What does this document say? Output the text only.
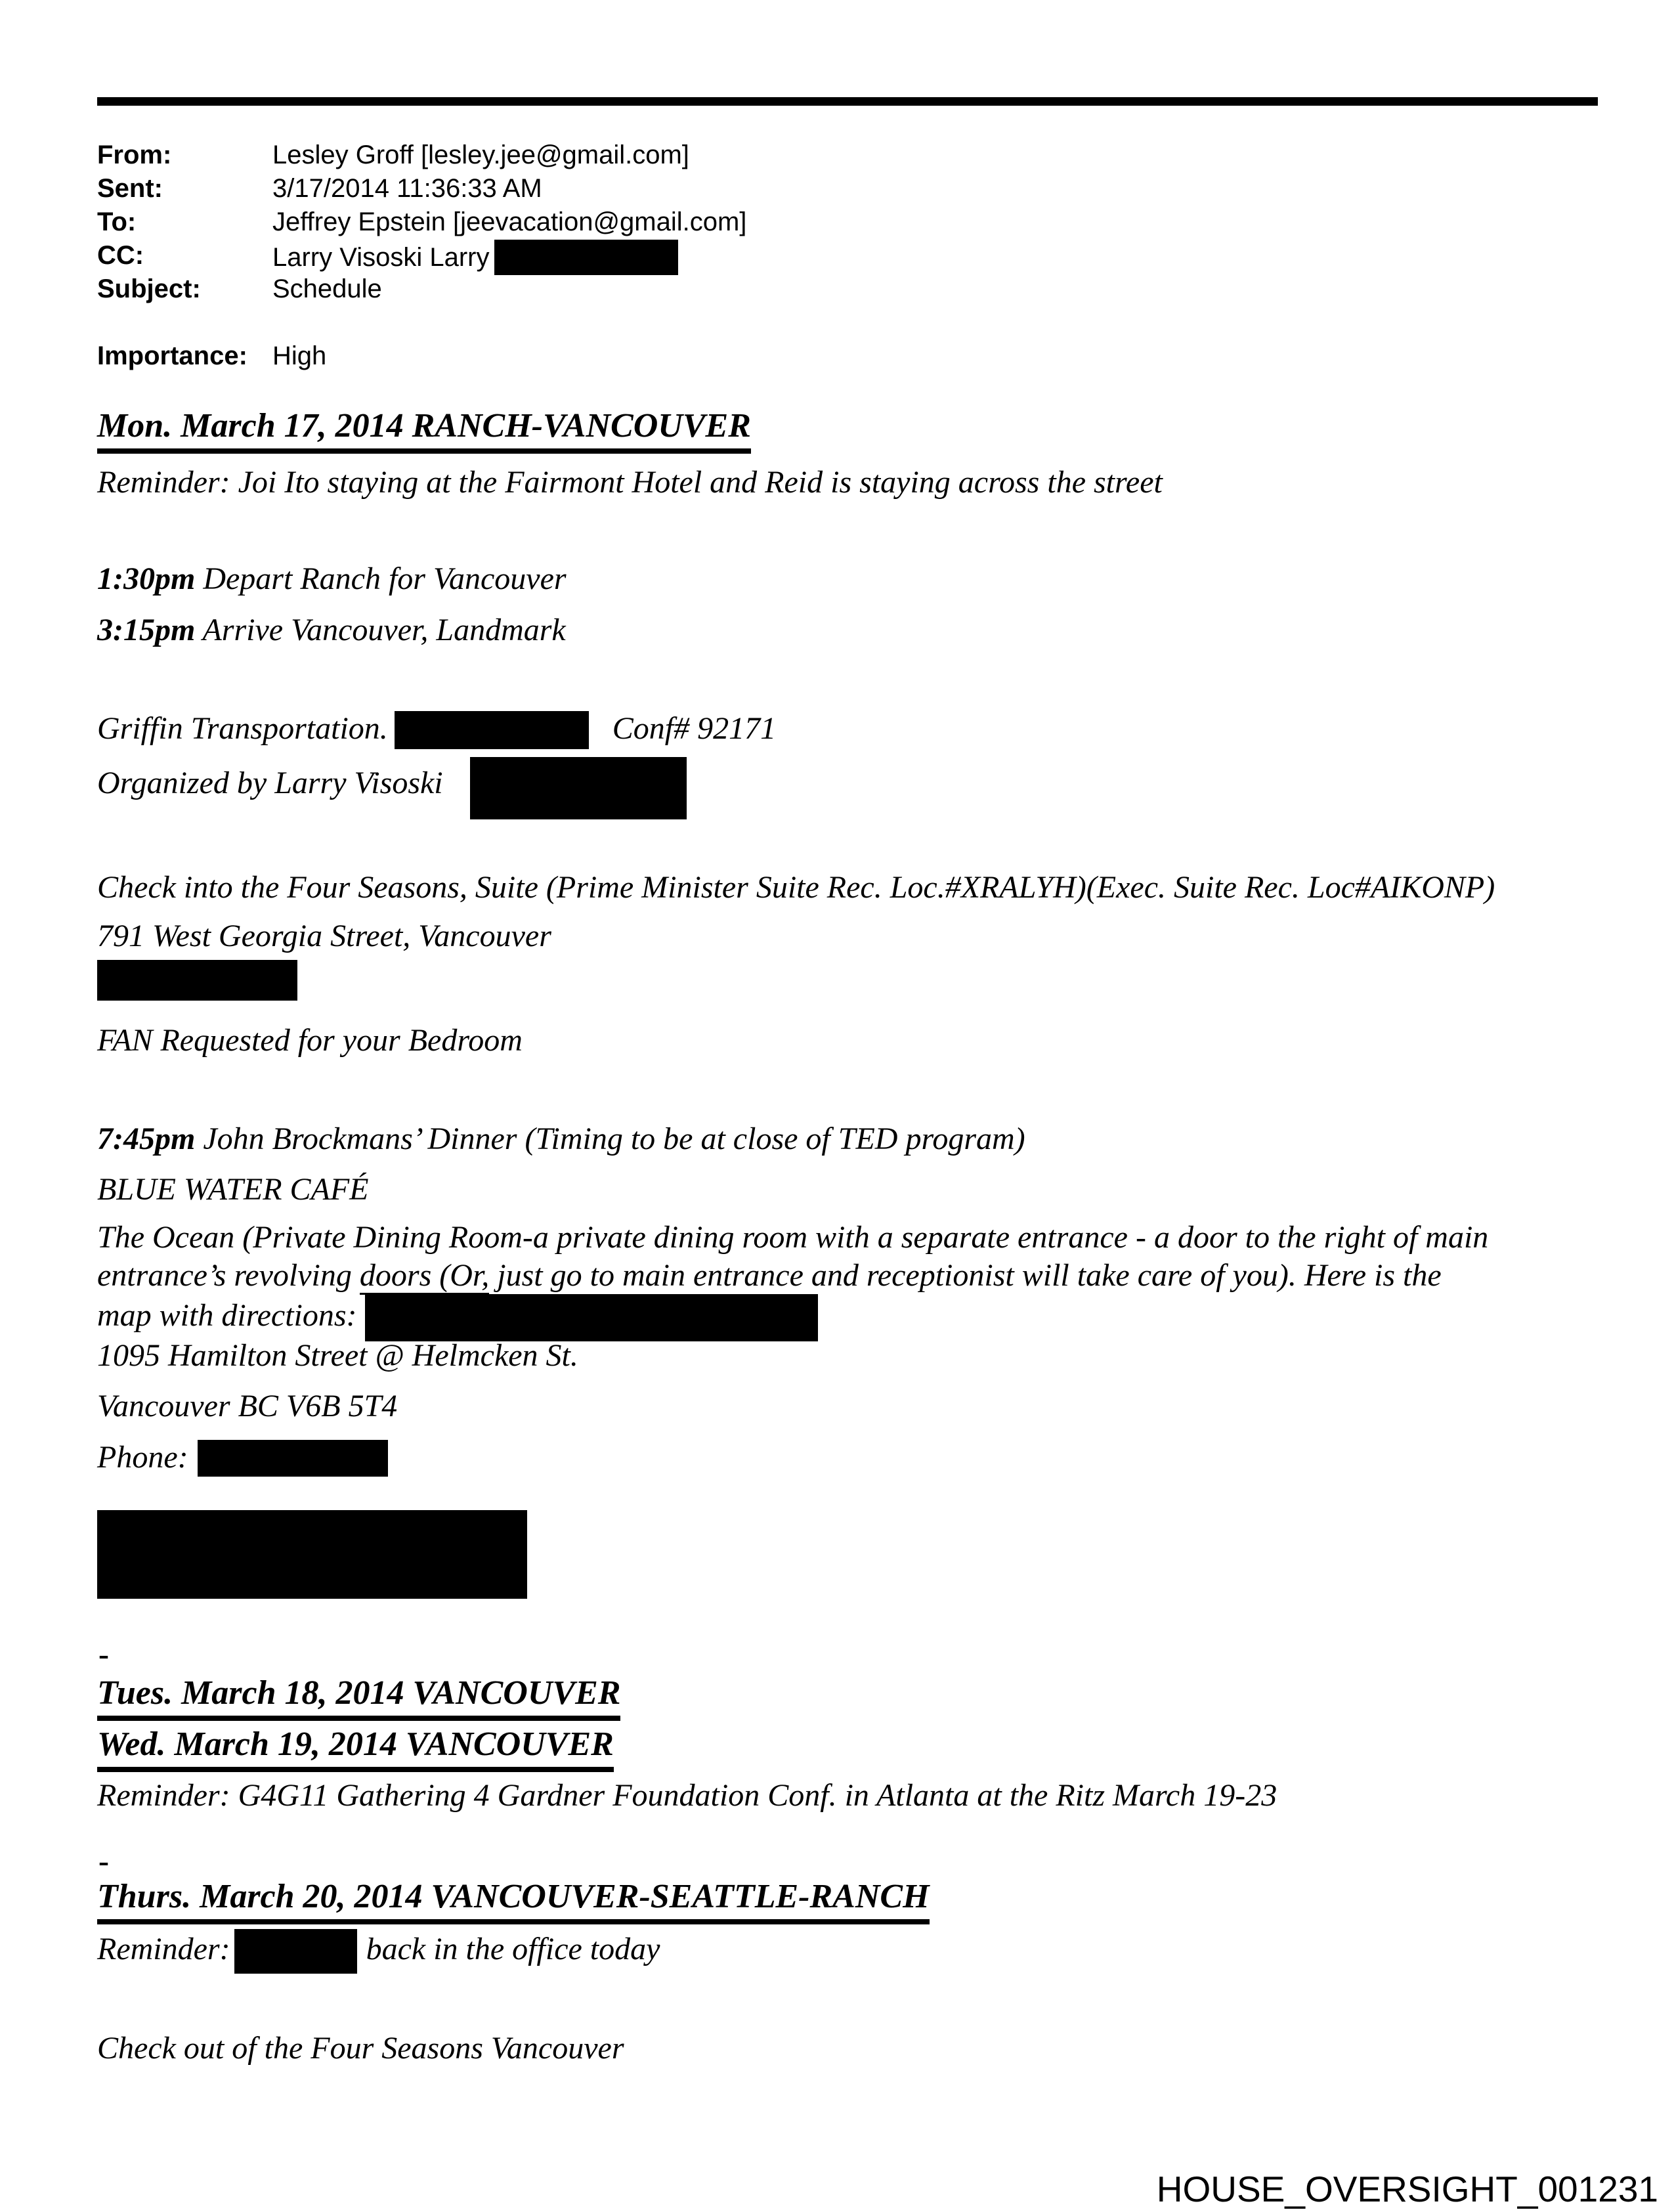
From:	Lesley Groff [lesley.jee@gmail.com]
Sent:	3/17/2014 11:36:33 AM
To:	Jeffrey Epstein [jeevacation@gmail.com]
CC:	Larry Visoski Larry
Subject:	Schedule
Importance: High
Mon. March 17, 2014 RANCH-VANCOUVER
Reminder: Joi Ito staying at the Fairmont Hotel and Reid is staying across the street
1:30pm Depart Ranch for Vancouver
3:15pm Arrive Vancouver, Landmark
Griffin Transportation.	Conf# 92171
Organized by Larry Visoski
Check into the Four Seasons, Suite (Prime Minister Suite Rec. Loc.#XRALYH)(Exec. Suite Rec. Loc#AIKONP)
791 West Georgia Street, Vancouver
FAN Requested for your Bedroom
7:45pm John Brockmans’ Dinner (Timing to be at close of TED program)
BLUE WATER CAFÉ
The Ocean (Private Dining Room-a private dining room with a separate entrance - a door to the right of main
entrance’s revolving doors (Or, just go to main entrance and receptionist will take care of you). Here is the
map with directions:
1095 Hamilton Street @ Helmcken St.
Vancouver BC V6B 5T4
Phone:
-
Tues. March 18, 2014 VANCOUVER
Wed. March 19, 2014 VANCOUVER
Reminder: G4G11 Gathering 4 Gardner Foundation Conf. in Atlanta at the Ritz March 19-23
-
Thurs. March 20, 2014 VANCOUVER-SEATTLE-RANCH
Reminder:	back in the office today
Check out of the Four Seasons Vancouver
HOUSE_OVERSIGHT_001231
